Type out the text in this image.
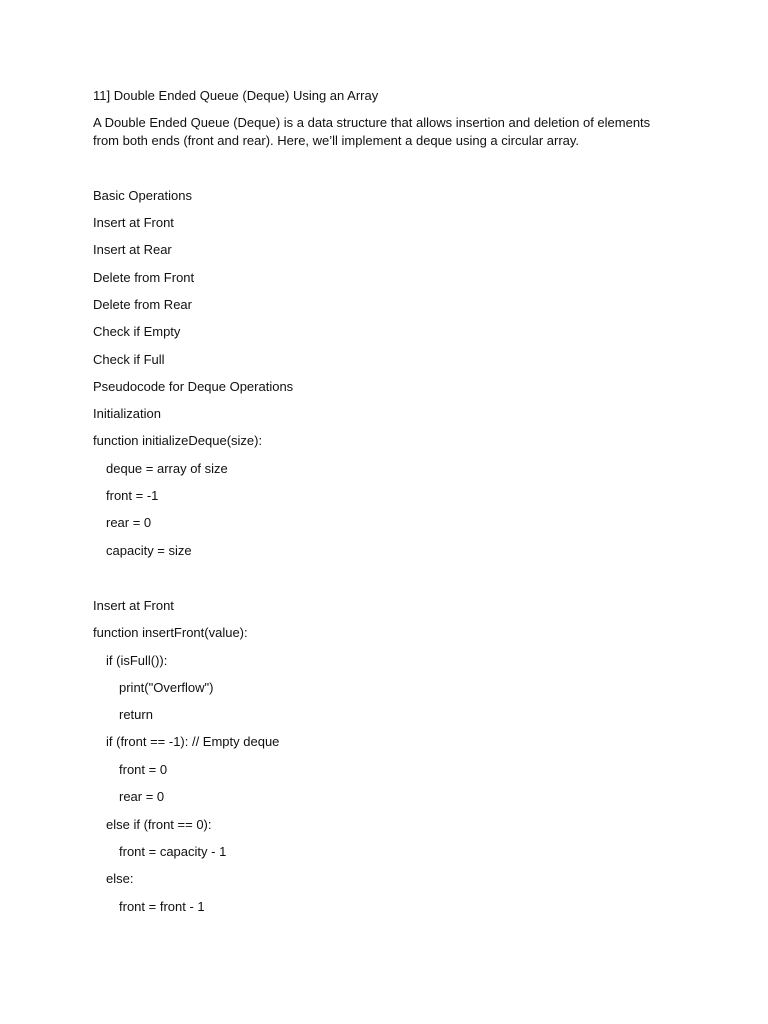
11] Double Ended Queue (Deque) Using an Array
A Double Ended Queue (Deque) is a data structure that allows insertion and deletion of elements
from both ends (front and rear). Here, we’ll implement a deque using a circular array.
Basic Operations
Insert at Front
Insert at Rear
Delete from Front
Delete from Rear
Check if Empty
Check if Full
Pseudocode for Deque Operations
Initialization
function initializeDeque(size):
deque = array of size
front = -1
rear = 0
capacity = size
Insert at Front
function insertFront(value):
if (isFull()):
print("Overflow")
return
if (front == -1): // Empty deque
front = 0
rear = 0
else if (front == 0):
front = capacity - 1
else:
front = front - 1
